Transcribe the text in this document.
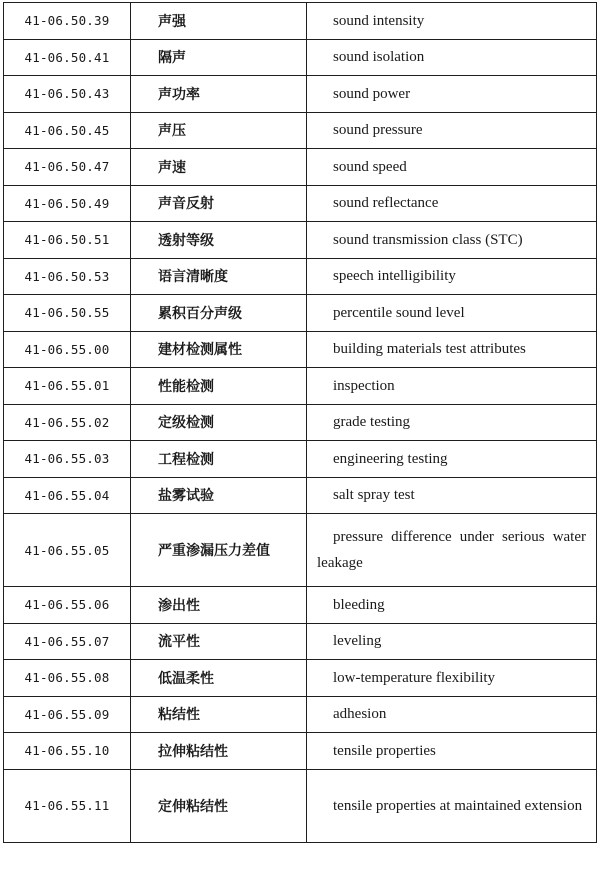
41-06.50.39	声强	sound intensity
41-06.50.41	隔声	sound isolation
41-06.50.43	声功率	sound power
41-06.50.45	声压	sound pressure
41-06.50.47	声速	sound speed
41-06.50.49	声音反射	sound reflectance
41-06.50.51	透射等级	sound transmission class (STC)
41-06.50.53	语言清晰度	speech intelligibility
41-06.50.55	累积百分声级	percentile sound level
41-06.55.00	建材检测属性	building materials test attributes
41-06.55.01	性能检测	inspection
41-06.55.02	定级检测	grade testing
41-06.55.03	工程检测	engineering testing
41-06.55.04	盐雾试验	salt spray test
41-06.55.05	严重渗漏压力差值	pressure difference under serious water leakage

41-06.55.06	渗出性	bleeding
41-06.55.07	流平性	leveling
41-06.55.08	低温柔性	low-temperature flexibility
41-06.55.09	粘结性	adhesion
41-06.55.10	拉伸粘结性	tensile properties
41-06.55.11	定伸粘结性	tensile properties at maintained extension
